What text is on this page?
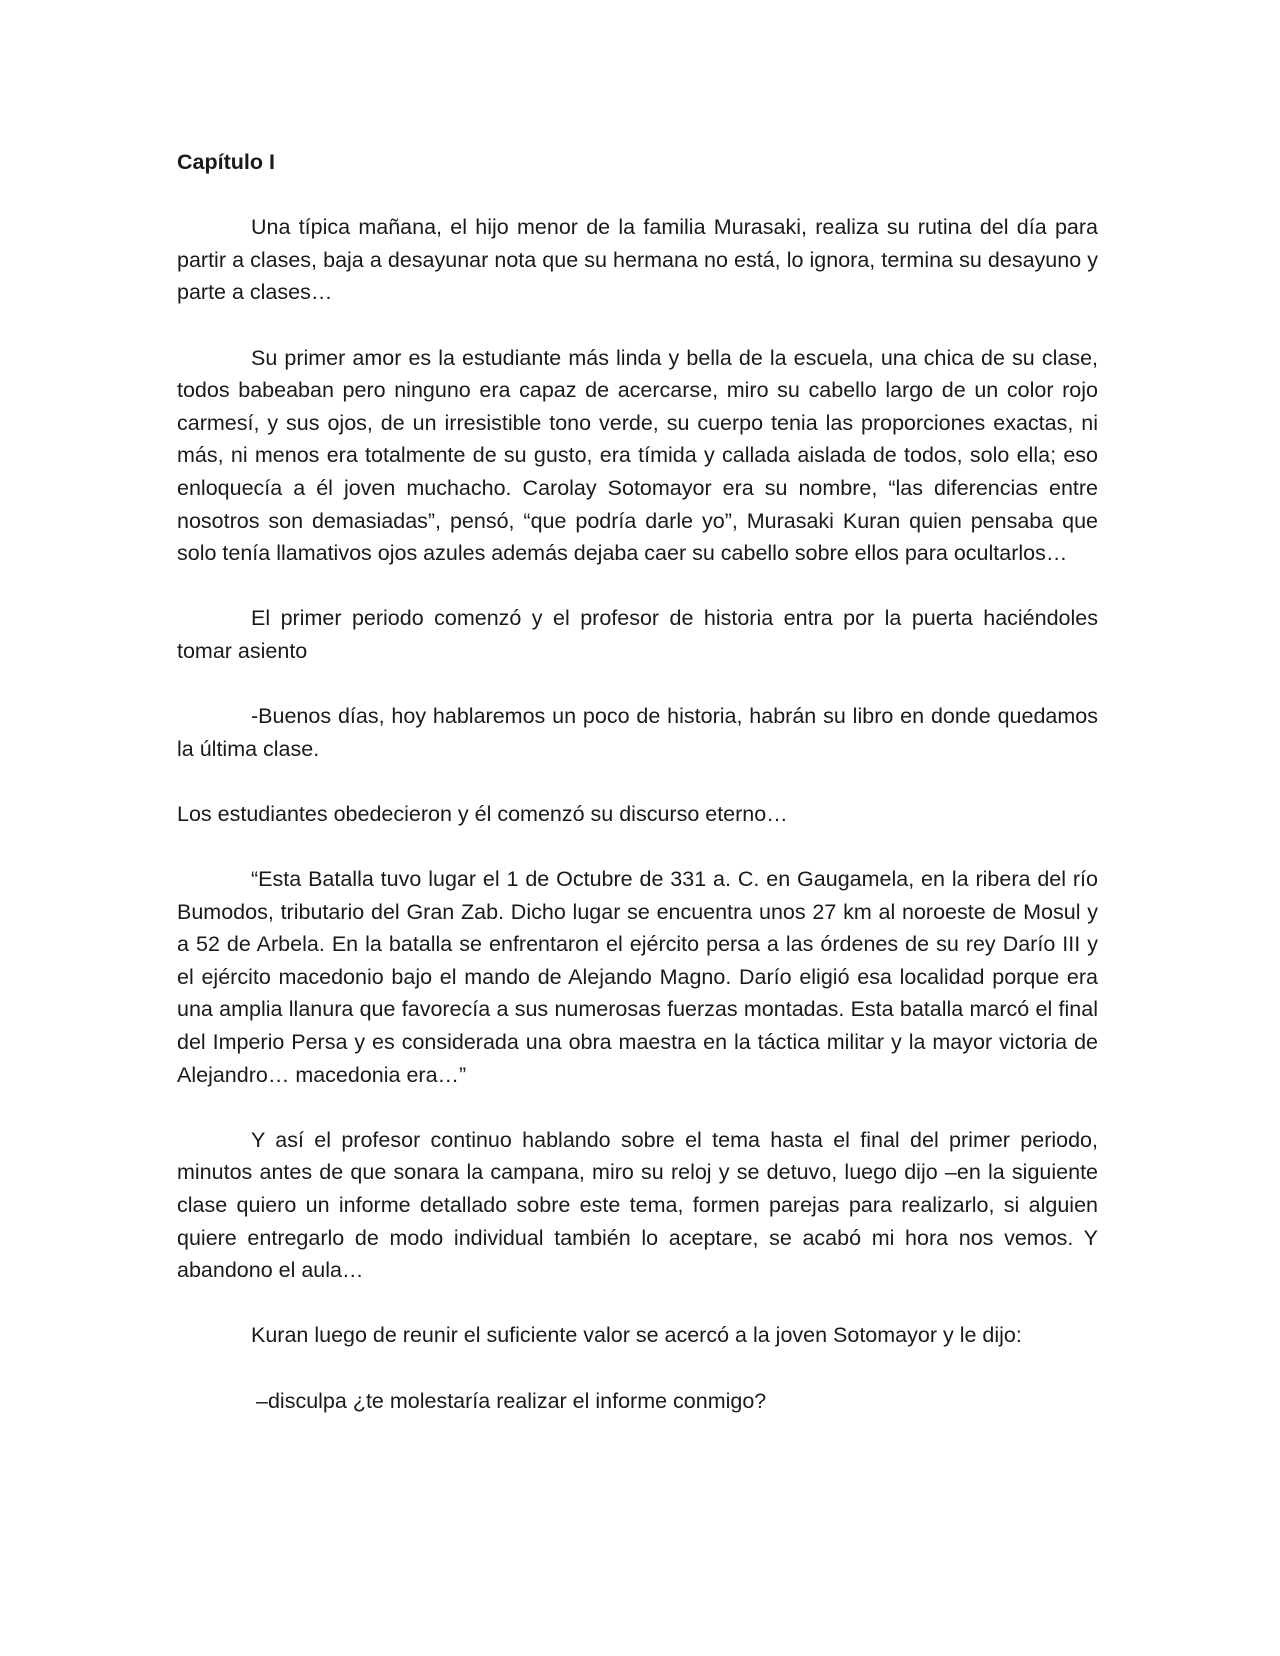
Capítulo I

Una típica mañana, el hijo menor de la familia Murasaki, realiza su rutina del día para partir a clases, baja a desayunar nota que su hermana no está, lo ignora, termina su desayuno y parte a clases…

Su primer amor es la estudiante más linda y bella de la escuela, una chica de su clase, todos babeaban pero ninguno era capaz de acercarse, miro su cabello largo de un color rojo carmesí, y sus ojos, de un irresistible tono verde, su cuerpo tenia las proporciones exactas, ni más, ni menos era totalmente de su gusto, era tímida y callada aislada de todos, solo ella; eso enloquecía a él joven muchacho. Carolay Sotomayor era su nombre, “las diferencias entre nosotros son demasiadas”, pensó, “que podría darle yo”, Murasaki Kuran quien pensaba que solo tenía llamativos ojos azules además dejaba caer su cabello sobre ellos para ocultarlos…

El primer periodo comenzó y el profesor de historia entra por la puerta haciéndoles tomar asiento

-Buenos días, hoy hablaremos un poco de historia, habrán su libro en donde quedamos la última clase.

Los estudiantes obedecieron y él comenzó su discurso eterno…

“Esta Batalla tuvo lugar el 1 de Octubre de 331 a. C. en Gaugamela, en la ribera del río Bumodos, tributario del Gran Zab. Dicho lugar se encuentra unos 27 km al noroeste de Mosul y a 52 de Arbela. En la batalla se enfrentaron el ejército persa a las órdenes de su rey Darío III y el ejército macedonio bajo el mando de Alejando Magno. Darío eligió esa localidad porque era una amplia llanura que favorecía a sus numerosas fuerzas montadas. Esta batalla marcó el final del Imperio Persa y es considerada una obra maestra en la táctica militar y la mayor victoria de Alejandro… macedonia era…”

Y así el profesor continuo hablando sobre el tema hasta el final del primer periodo, minutos antes de que sonara la campana, miro su reloj y se detuvo, luego dijo –en la siguiente clase quiero un informe detallado sobre este tema, formen parejas para realizarlo, si alguien quiere entregarlo de modo individual también lo aceptare, se acabó mi hora nos vemos. Y abandono el aula…

Kuran luego de reunir el suficiente valor se acercó a la joven Sotomayor y le dijo:

–disculpa ¿te molestaría realizar el informe conmigo?
